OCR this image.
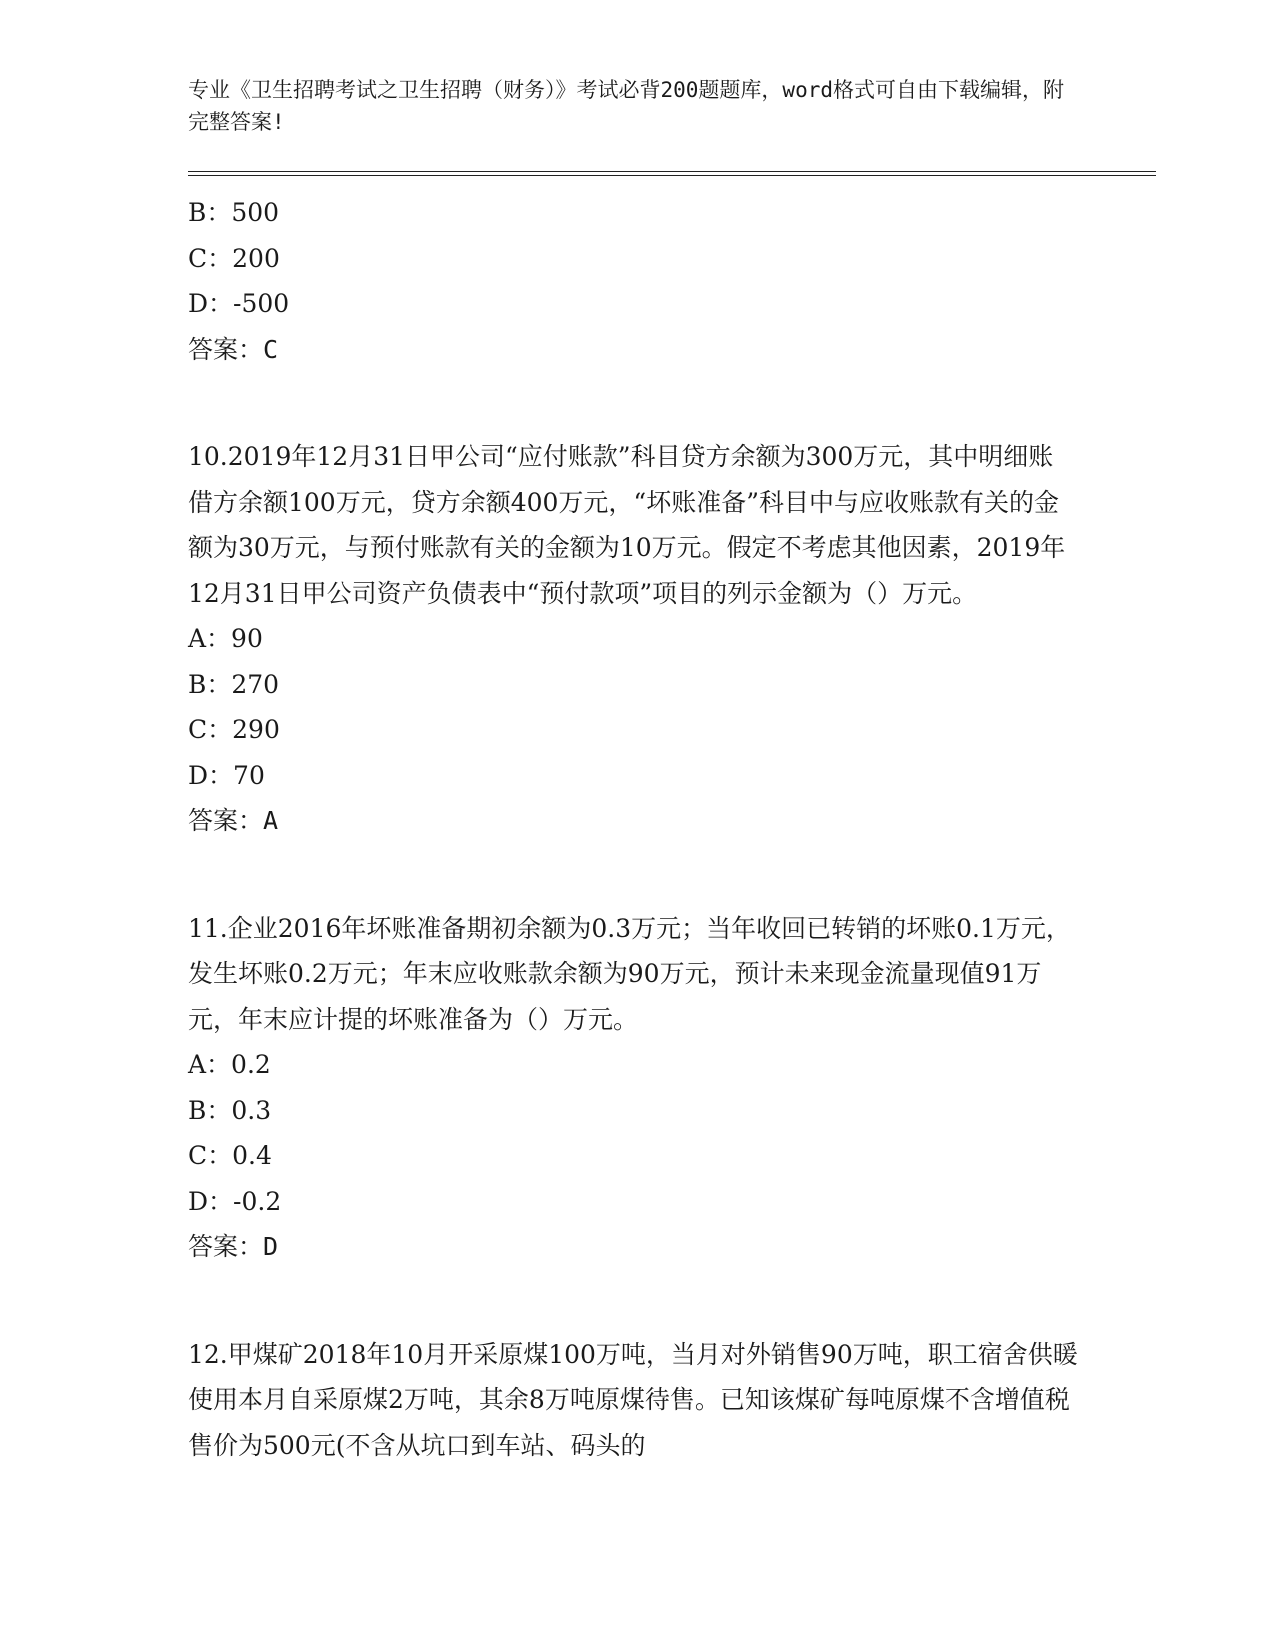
专业《卫生招聘考试之卫生招聘（财务）》考试必背200题题库，word格式可自由下载编辑，附完整答案!
B：500
C：200
D：-500
答案：C
10.2019年12月31日甲公司“应付账款”科目贷方余额为300万元，其中明细账借方余额100万元，贷方余额400万元，“坏账准备”科目中与应收账款有关的金额为30万元，与预付账款有关的金额为10万元。假定不考虑其他因素，2019年12月31日甲公司资产负债表中“预付款项”项目的列示金额为（）万元。
A：90
B：270
C：290
D：70
答案：A
11.企业2016年坏账准备期初余额为0.3万元；当年收回已转销的坏账0.1万元，发生坏账0.2万元；年末应收账款余额为90万元，预计未来现金流量现值91万元，年末应计提的坏账准备为（）万元。
A：0.2
B：0.3
C：0.4
D：-0.2
答案：D
12.甲煤矿2018年10月开采原煤100万吨，当月对外销售90万吨，职工宿舍供暖使用本月自采原煤2万吨，其余8万吨原煤待售。已知该煤矿每吨原煤不含增值税售价为500元(不含从坑口到车站、码头的
